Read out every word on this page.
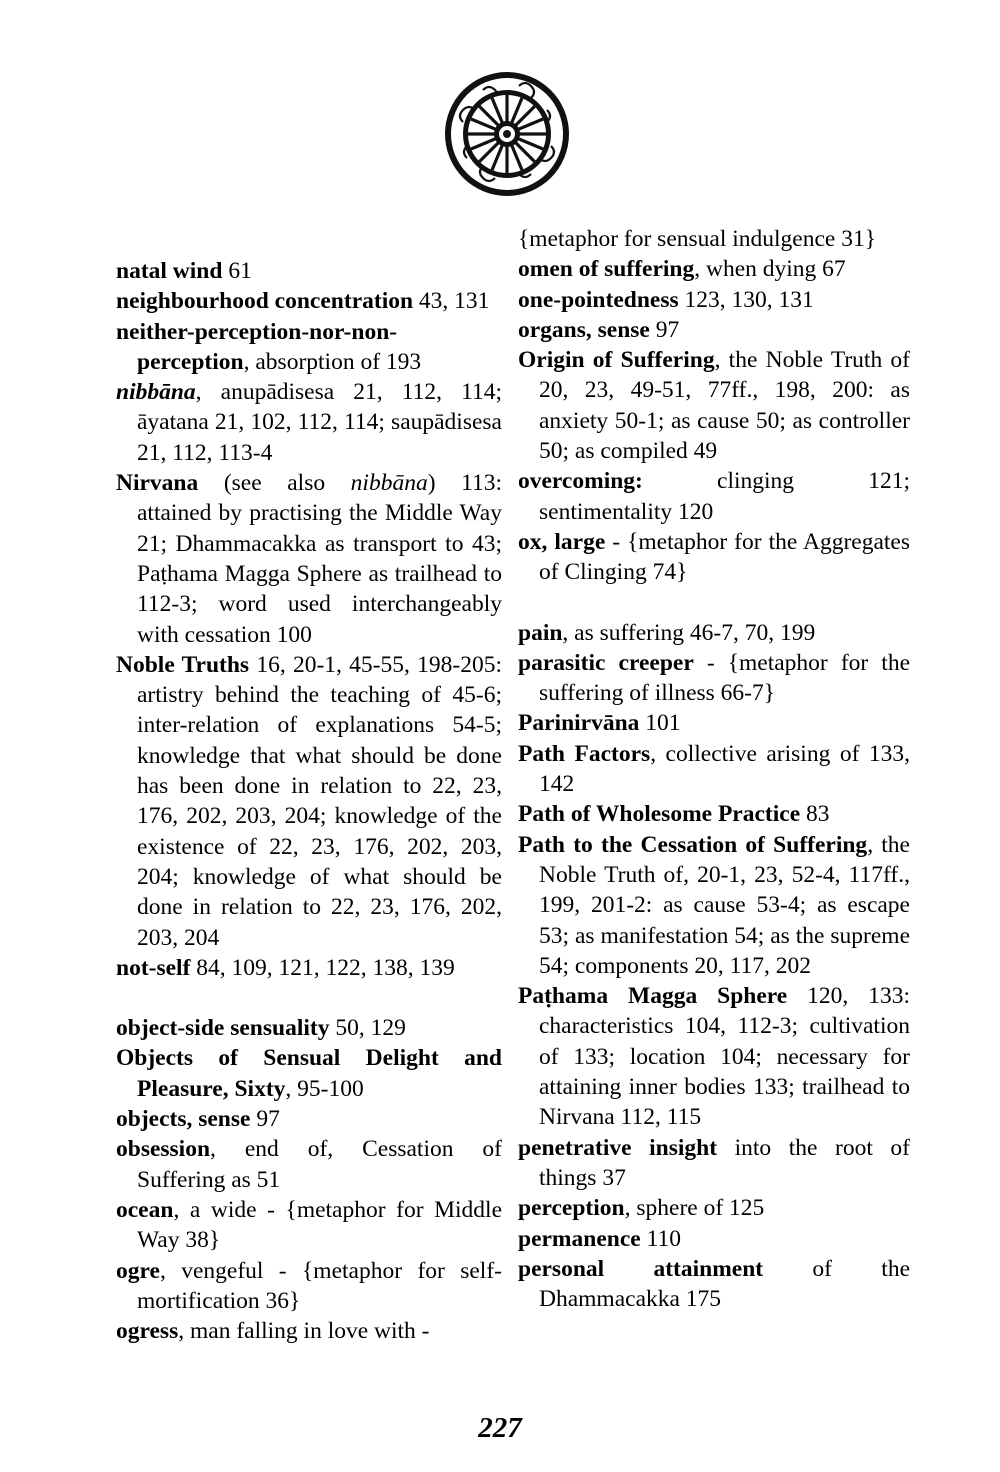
natal wind 61
neighbourhood concentration 43, 131
neither-perception-nor-non-perception, absorption of 193
nibbāna, anupādisesa 21, 112, 114; āyatana 21, 102, 112, 114; saupādisesa 21, 112, 113-4
Nirvana (see also nibbāna) 113: attained by practising the Middle Way 21; Dhammacakka as transport to 43; Paṭhama Magga Sphere as trailhead to 112-3; word used interchangeably with cessation 100
Noble Truths 16, 20-1, 45-55, 198-205: artistry behind the teaching of 45-6; inter-relation of explanations 54-5; knowledge that what should be done has been done in relation to 22, 23, 176, 202, 203, 204; knowledge of the existence of 22, 23, 176, 202, 203, 204; knowledge of what should be done in relation to 22, 23, 176, 202, 203, 204
not-self 84, 109, 121, 122, 138, 139
object-side sensuality 50, 129
Objects of Sensual Delight and Pleasure, Sixty, 95-100
objects, sense 97
obsession, end of, Cessation of Suffering as 51
ocean, a wide - {metaphor for Middle Way 38}
ogre, vengeful - {metaphor for self-mortification 36}
ogress, man falling in love with -
{metaphor for sensual indulgence 31}
omen of suffering, when dying 67
one-pointedness 123, 130, 131
organs, sense 97
Origin of Suffering, the Noble Truth of 20, 23, 49-51, 77ff., 198, 200: as anxiety 50-1; as cause 50; as controller 50; as compiled 49
overcoming: clinging 121; sentimentality 120
ox, large - {metaphor for the Aggregates of Clinging 74}
pain, as suffering 46-7, 70, 199
parasitic creeper - {metaphor for the suffering of illness 66-7}
Parinirvāna 101
Path Factors, collective arising of 133, 142
Path of Wholesome Practice 83
Path to the Cessation of Suffering, the Noble Truth of, 20-1, 23, 52-4, 117ff., 199, 201-2: as cause 53-4; as escape 53; as manifestation 54; as the supreme 54; components 20, 117, 202
Paṭhama Magga Sphere 120, 133: characteristics 104, 112-3; cultivation of 133; location 104; necessary for attaining inner bodies 133; trailhead to Nirvana 112, 115
penetrative insight into the root of things 37
perception, sphere of 125
permanence 110
personal attainment of the Dhammacakka 175
227
